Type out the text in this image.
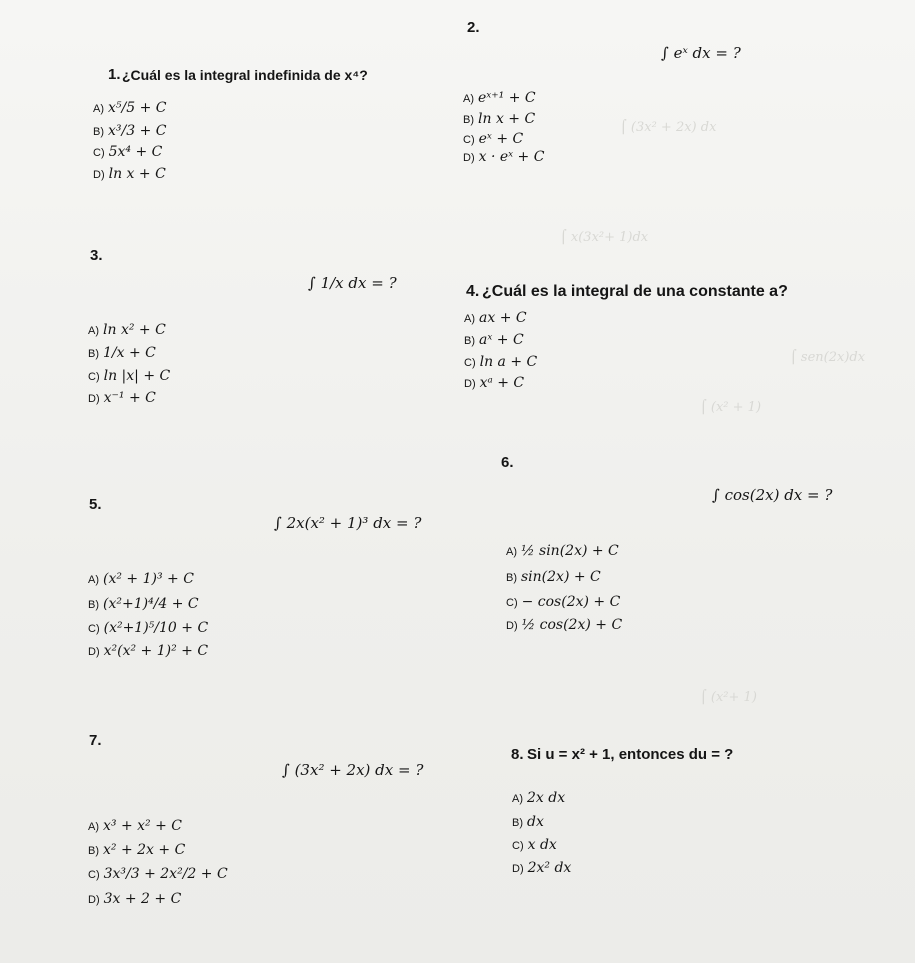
⌠ (3x² + 2x) dx
⌠ x(3x²+ 1)dx
⌠ sen(2x)dx
⌠ (x² + 1)
⌠ (x²+ 1)
1. ¿Cuál es la integral indefinida de x⁴?
A) x⁵/5 + C
B) x³/3 + C
C) 5x⁴ + C
D) ln x + C
2.
∫ eˣ dx = ?
A) eˣ⁺¹ + C
B) ln x + C
C) eˣ + C
D) x · eˣ + C
3.
∫ 1/x dx = ?
A) ln x² + C
B) 1/x + C
C) ln |x| + C
D) x⁻¹ + C
4. ¿Cuál es la integral de una constante a?
A) ax + C
B) aˣ + C
C) ln a + C
D) xᵃ + C
5.
∫ 2x(x² + 1)³ dx = ?
A) (x² + 1)³ + C
B) (x²+1)⁴/4 + C
C) (x²+1)⁵/10 + C
D) x²(x² + 1)² + C
6.
∫ cos(2x) dx = ?
A) ½ sin(2x) + C
B) sin(2x) + C
C) − cos(2x) + C
D) ½ cos(2x) + C
7.
∫ (3x² + 2x) dx = ?
A) x³ + x² + C
B) x² + 2x + C
C) 3x³/3 + 2x²/2 + C
D) 3x + 2 + C
8. Si u = x² + 1, entonces du = ?
A) 2x dx
B) dx
C) x dx
D) 2x² dx
